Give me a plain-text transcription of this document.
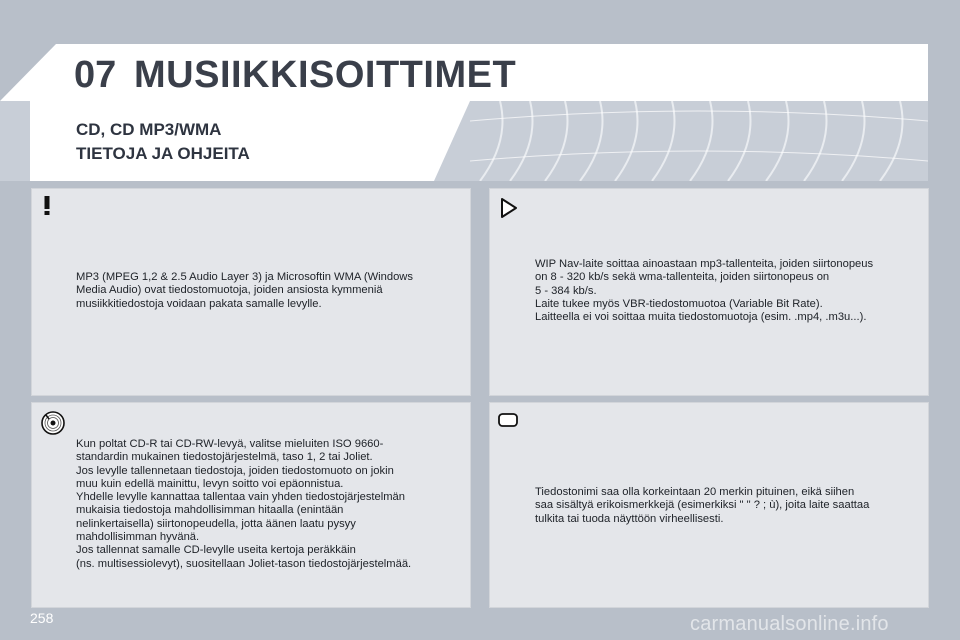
07 MUSIIKKISOITTIMET
CD, CD MP3/WMA
TIETOJA JA OHJEITA

MP3 (MPEG 1,2 & 2.5 Audio Layer 3) ja Microsoftin WMA (Windows

Media Audio) ovat tiedostomuotoja, joiden ansiosta kymmeniä

musiikkitiedostoja voidaan pakata samalle levylle.

WIP Nav-laite soittaa ainoastaan mp3-tallenteita, joiden siirtonopeus

on 8 - 320 kb/s sekä wma-tallenteita, joiden siirtonopeus on

5 - 384 kb/s.

Laite tukee myös VBR-tiedostomuotoa (Variable Bit Rate).

Laitteella ei voi soittaa muita tiedostomuotoja (esim. .mp4, .m3u...).

Kun poltat CD-R tai CD-RW-levyä, valitse mieluiten ISO 9660-

standardin mukainen tiedostojärjestelmä, taso 1, 2 tai Joliet.

Jos levylle tallennetaan tiedostoja, joiden tiedostomuoto on jokin

muu kuin edellä mainittu, levyn soitto voi epäonnistua.

Yhdelle levylle kannattaa tallentaa vain yhden tiedostojärjestelmän

mukaisia tiedostoja mahdollisimman hitaalla (enintään

nelinkertaisella) siirtonopeudella, jotta äänen laatu pysyy

mahdollisimman hyvänä.

Jos tallennat samalle CD-levylle useita kertoja peräkkäin

(ns. multisessiolevyt), suositellaan Joliet-tason tiedostojärjestelmää.

Tiedostonimi saa olla korkeintaan 20 merkin pituinen, eikä siihen

saa sisältyä erikoismerkkejä (esimerkiksi " " ? ; ù), joita laite saattaa

tulkita tai tuoda näyttöön virheellisesti.

258	carmanualsonline.info
